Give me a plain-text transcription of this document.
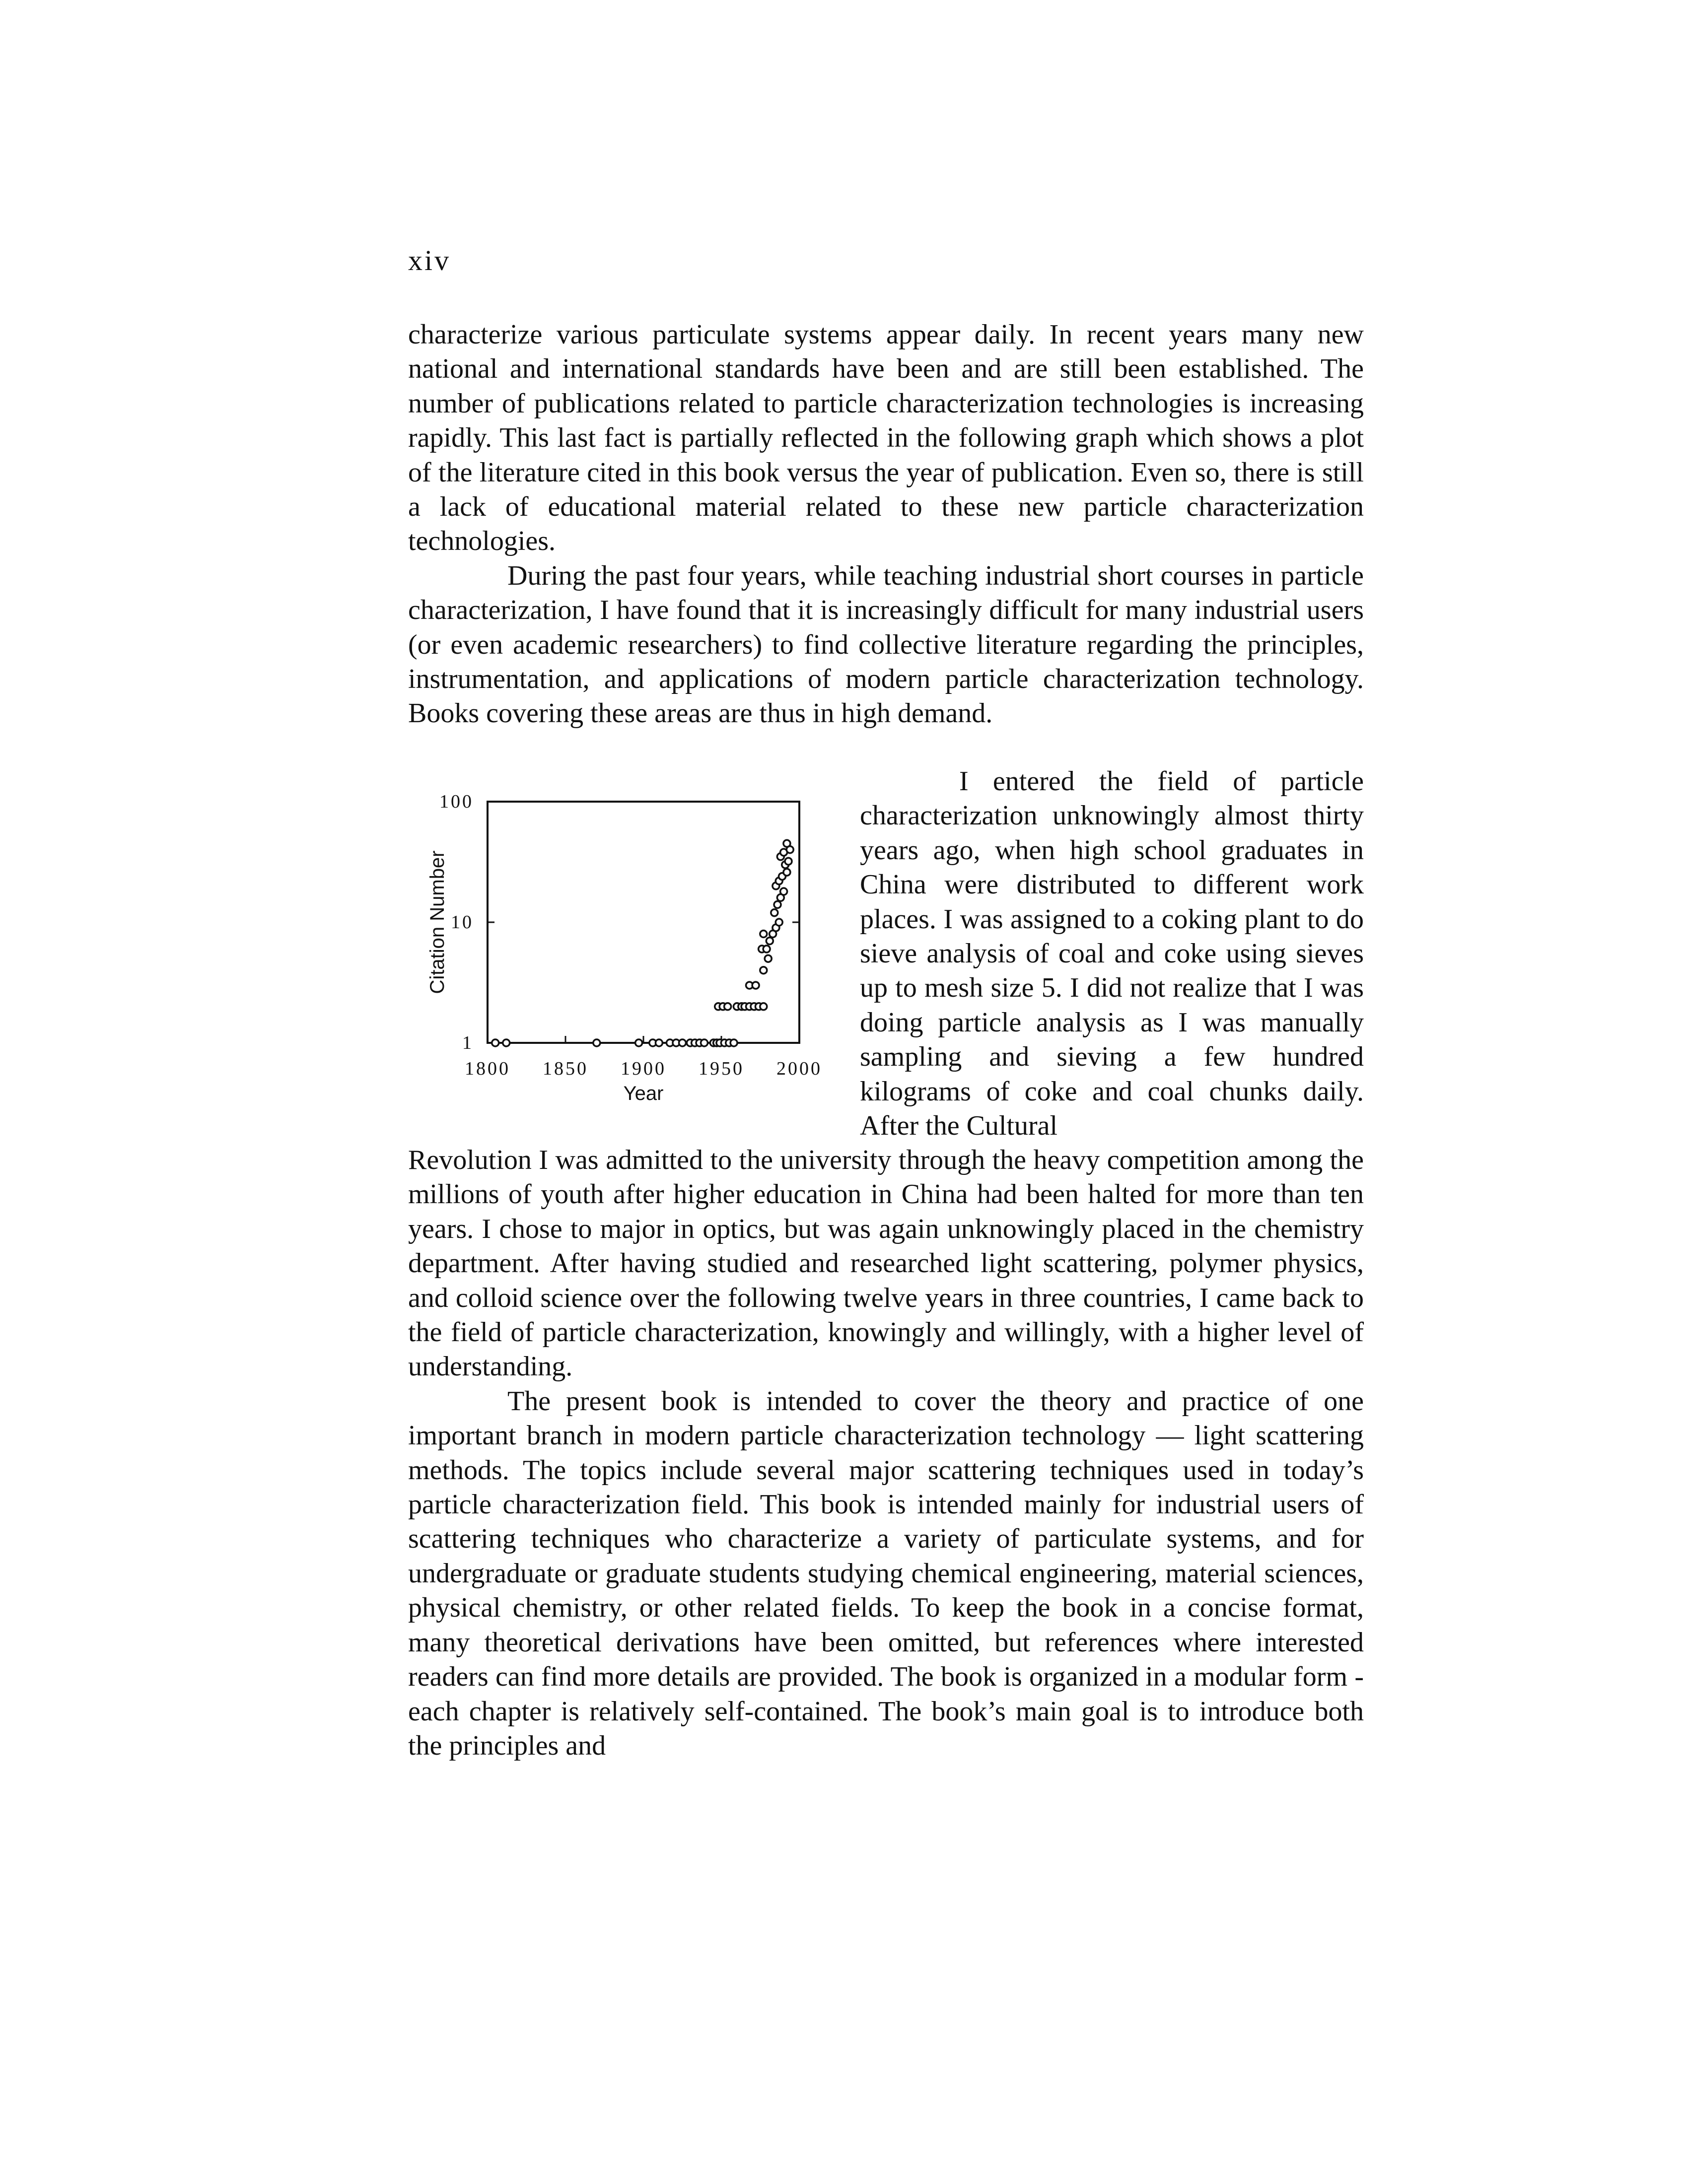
xiv

characterize various particulate systems appear daily. In recent years many new national and international standards have been and are still been established. The number of publications related to particle characterization technologies is increasing rapidly. This last fact is partially reflected in the following graph which shows a plot of the literature cited in this book versus the year of publication. Even so, there is still a lack of educational material related to these new particle characterization technologies.

During the past four years, while teaching industrial short courses in particle characterization, I have found that it is increasingly difficult for many industrial users (or even academic researchers) to find collective literature regarding the principles, instrumentation, and applications of modern particle characterization technology. Books covering these areas are thus in high demand.

1
10
100
1800 1850 1900 1950 2000
Year
Citation Number

I entered the field of particle characterization unknowingly almost thirty years ago, when high school graduates in China were distributed to different work places. I was assigned to a coking plant to do sieve analysis of coal and coke using sieves up to mesh size 5. I did not realize that I was doing particle analysis as I was manually sampling and sieving a few hundred kilograms of coke and coal chunks daily. After the Cultural

Revolution I was admitted to the university through the heavy competition among the millions of youth after higher education in China had been halted for more than ten years. I chose to major in optics, but was again unknowingly placed in the chemistry department. After having studied and researched light scattering, polymer physics, and colloid science over the following twelve years in three countries, I came back to the field of particle characterization, knowingly and willingly, with a higher level of understanding.

The present book is intended to cover the theory and practice of one important branch in modern particle characterization technology — light scattering methods. The topics include several major scattering techniques used in today’s particle characterization field. This book is intended mainly for industrial users of scattering techniques who characterize a variety of particulate systems, and for undergraduate or graduate students studying chemical engineering, material sciences, physical chemistry, or other related fields. To keep the book in a concise format, many theoretical derivations have been omitted, but references where interested readers can find more details are provided. The book is organized in a modular form - each chapter is relatively self-contained. The book’s main goal is to introduce both the principles and
